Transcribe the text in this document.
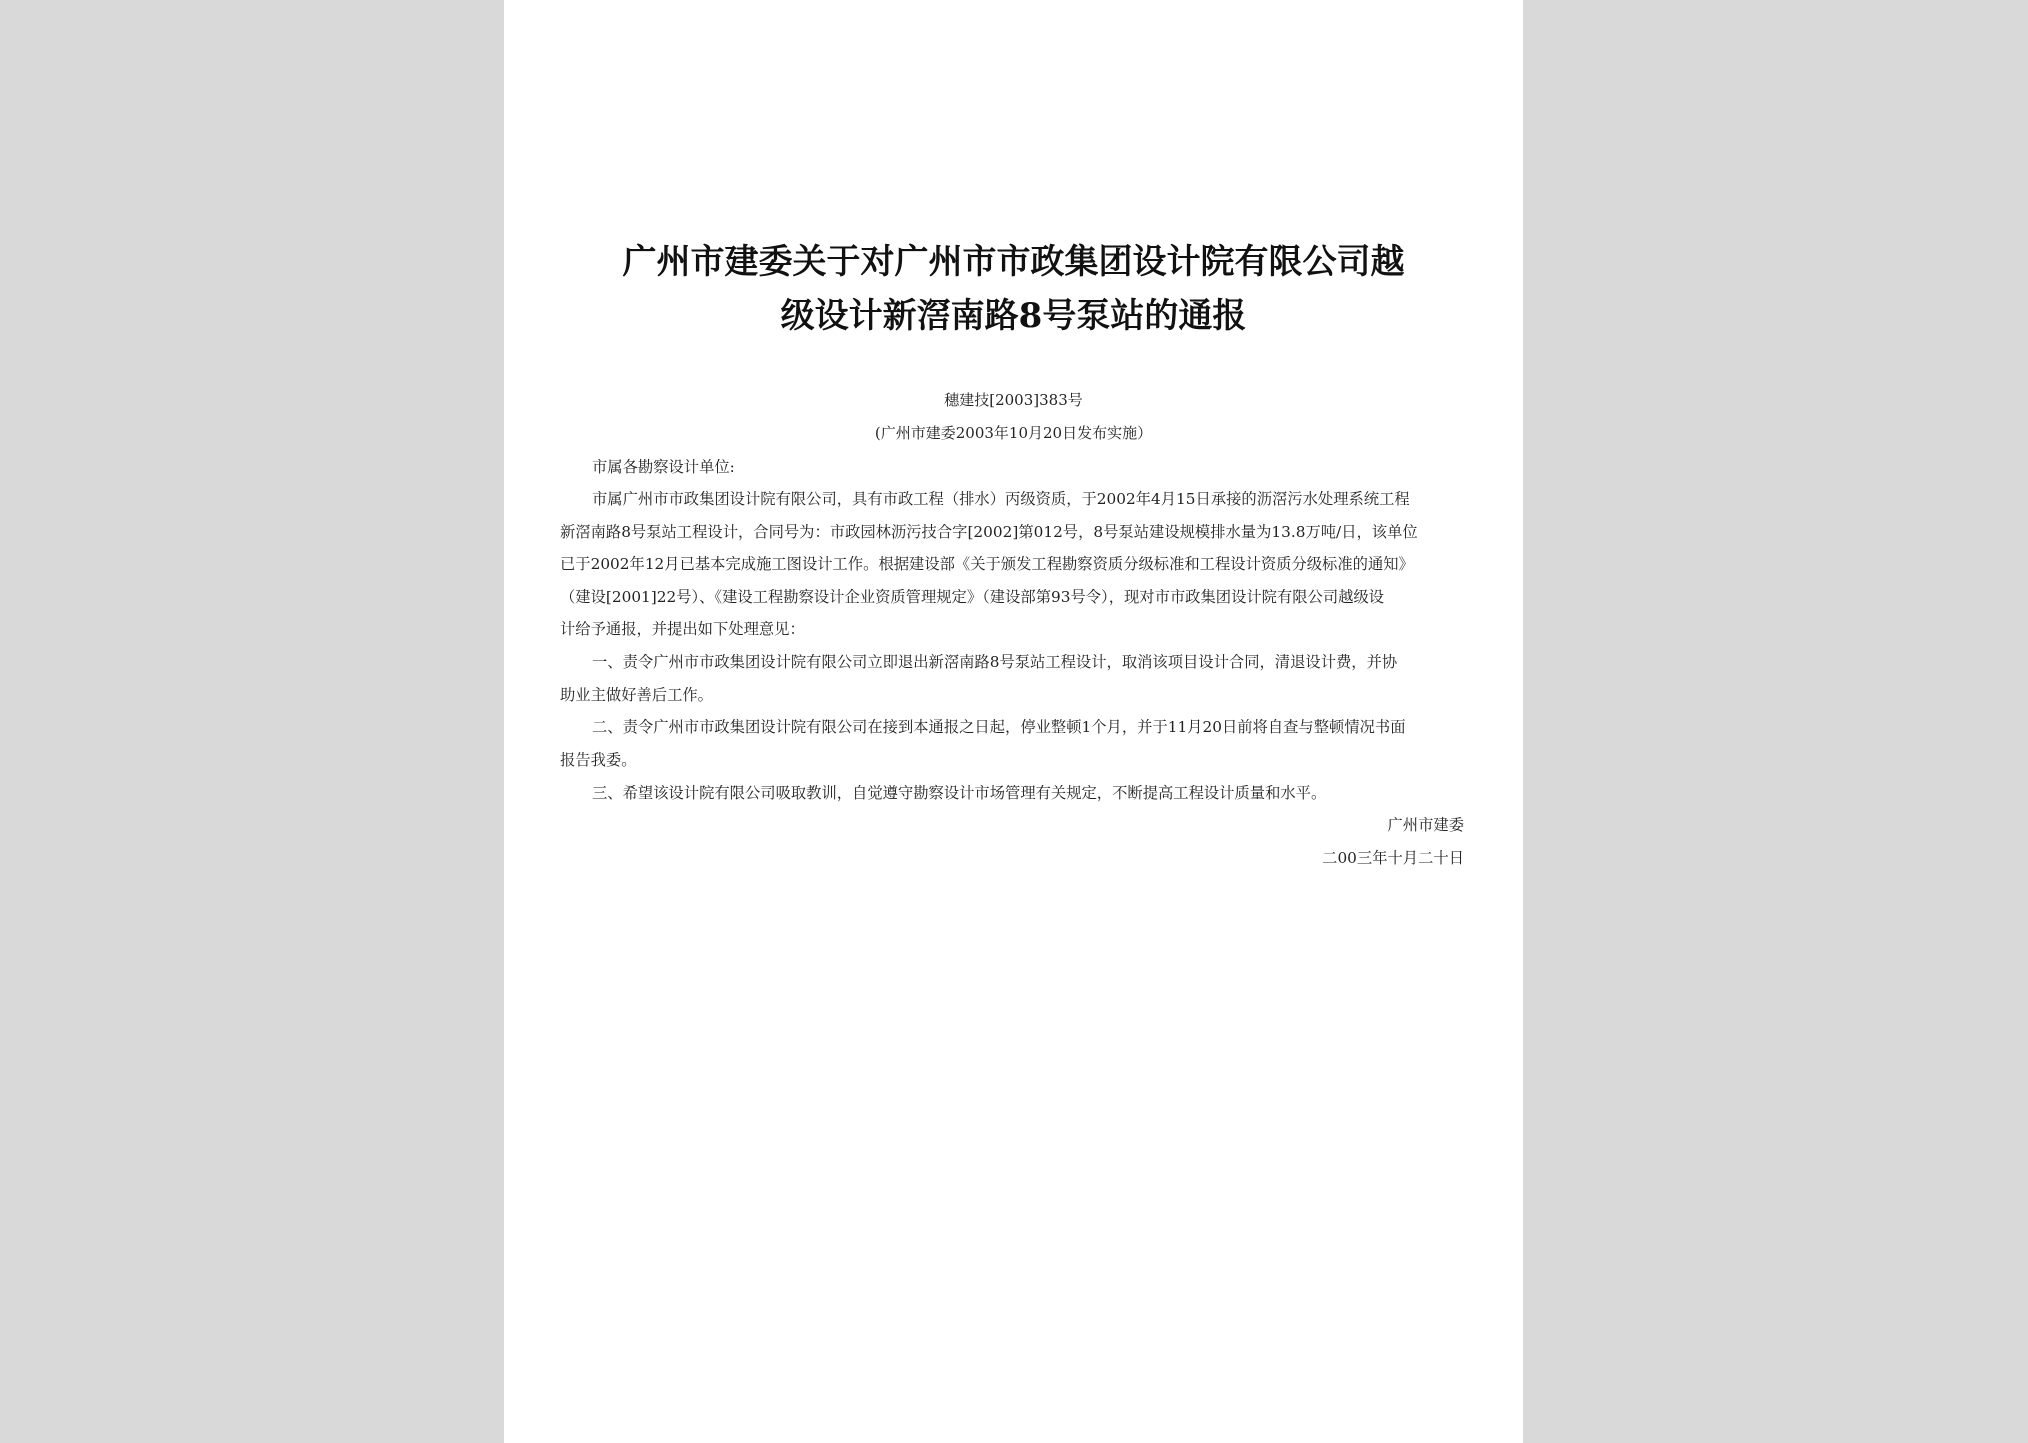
广州市建委关于对广州市市政集团设计院有限公司越
级设计新滘南路8号泵站的通报
穗建技[2003]383号
(广州市建委2003年10月20日发布实施）
市属各勘察设计单位:
市属广州市市政集团设计院有限公司，具有市政工程（排水）丙级资质，于2002年4月15日承接的沥滘污水处理系统工程
新滘南路8号泵站工程设计，合同号为：市政园林沥污技合字[2002]第012号，8号泵站建设规模排水量为13.8万吨/日，该单位
已于2002年12月已基本完成施工图设计工作。根据建设部《关于颁发工程勘察资质分级标准和工程设计资质分级标准的通知》
（建设[2001]22号）、《建设工程勘察设计企业资质管理规定》（建设部第93号令），现对市市政集团设计院有限公司越级设
计给予通报，并提出如下处理意见：
一、责令广州市市政集团设计院有限公司立即退出新滘南路8号泵站工程设计，取消该项目设计合同，清退设计费，并协
助业主做好善后工作。
二、责令广州市市政集团设计院有限公司在接到本通报之日起，停业整顿1个月，并于11月20日前将自查与整顿情况书面
报告我委。
三、希望该设计院有限公司吸取教训，自觉遵守勘察设计市场管理有关规定，不断提高工程设计质量和水平。
广州市建委
二00三年十月二十日
